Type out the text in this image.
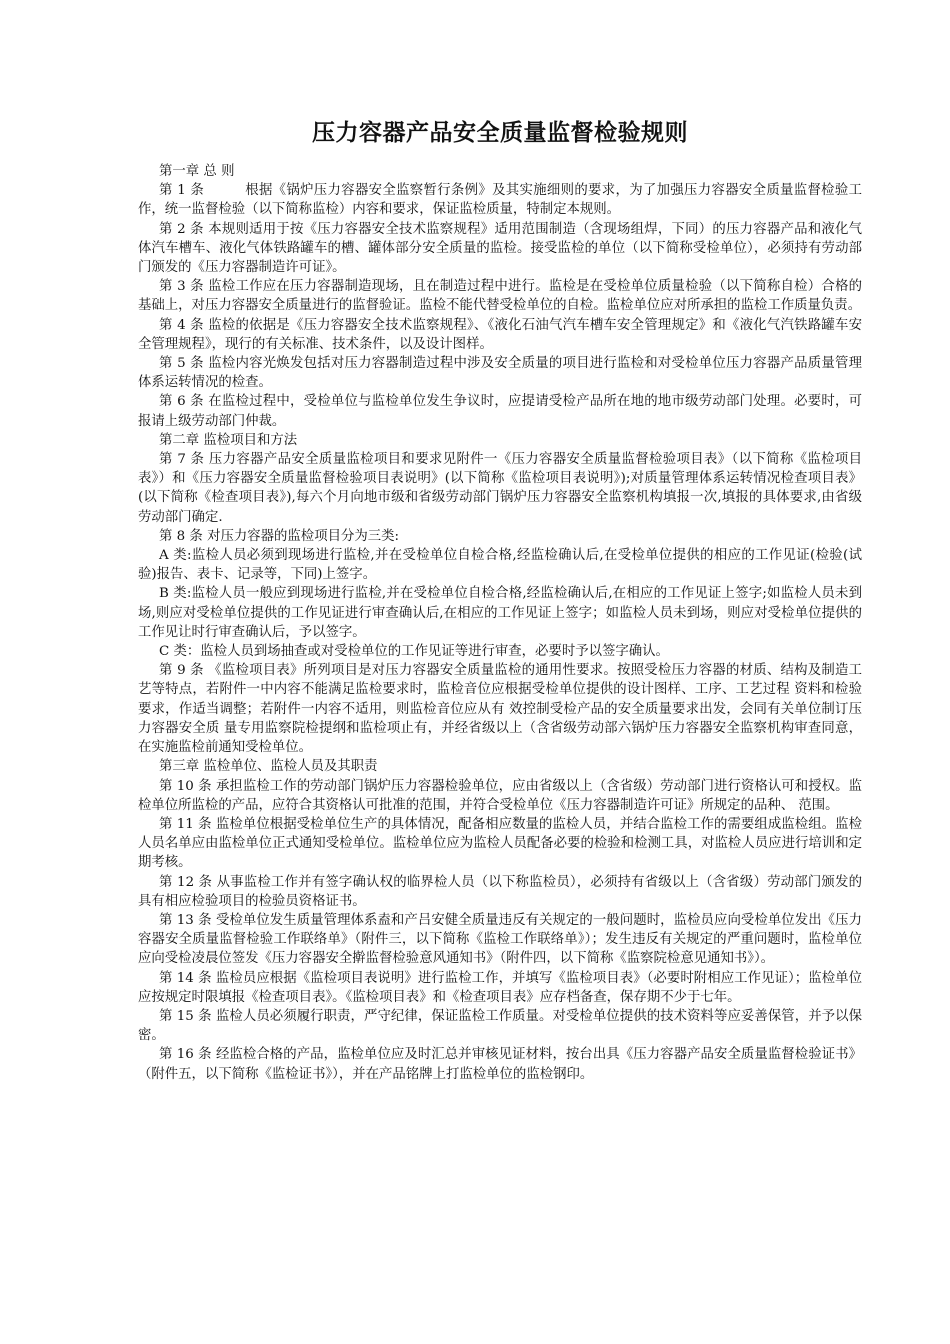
压力容器产品安全质量监督检验规则

第一章 总 则

第 1 条　　　根据《锅炉压力容器安全监察暂行条例》及其实施细则的要求，为了加强压力容器安全质量监督检验工作，统一监督检验（以下简称监检）内容和要求，保证监检质量，特制定本规则。

第 2 条 本规则适用于按《压力容器安全技术监察规程》适用范围制造（含现场组焊，下同）的压力容器产品和液化气体汽车槽车、液化气体铁路罐车的槽、罐体部分安全质量的监检。接受监检的单位（以下简称受检单位），必须持有劳动部门颁发的《压力容器制造许可证》。

第 3 条 监检工作应在压力容器制造现场，且在制造过程中进行。监检是在受检单位质量检验（以下简称自检）合格的基础上，对压力容器安全质量进行的监督验证。监检不能代替受检单位的自检。监检单位应对所承担的监检工作质量负责。

第 4 条 监检的依据是《压力容器安全技术监察规程》、《液化石油气汽车槽车安全管理规定》和《液化气汽铁路罐车安全管理规程》，现行的有关标准、技术条件，以及设计图样。

第 5 条 监检内容光焕发包括对压力容器制造过程中涉及安全质量的项目进行监检和对受检单位压力容器产品质量管理体系运转情况的检查。

第 6 条 在监检过程中，受检单位与监检单位发生争议时，应提请受检产品所在地的地市级劳动部门处理。必要时，可报请上级劳动部门仲裁。

第二章 监检项目和方法

第 7 条 压力容器产品安全质量监检项目和要求见附件一《压力容器安全质量监督检验项目表》（以下简称《监检项目表》）和《压力容器安全质量监督检验项目表说明》(以下简称《监检项目表说明》);对质量管理体系运转情况检查项目表》(以下简称《检查项目表》),每六个月向地市级和省级劳动部门锅炉压力容器安全监察机构填报一次,填报的具体要求,由省级劳动部门确定.

第 8 条 对压力容器的监检项目分为三类:

A 类:监检人员必须到现场进行监检,并在受检单位自检合格,经监检确认后,在受检单位提供的相应的工作见证(检验(试验)报告、表卡、记录等，下同)上签字。

B 类:监检人员一般应到现场进行监检,并在受检单位自检合格,经监检确认后,在相应的工作见证上签字;如监检人员未到场,则应对受检单位提供的工作见证进行审查确认后,在相应的工作见证上签字；如监检人员未到场，则应对受检单位提供的工作见让时行审查确认后，予以签字。

C 类：监检人员到场抽查或对受检单位的工作见证等进行审查，必要时予以签字确认。

第 9 条 《监检项目表》所列项目是对压力容器安全质量监检的通用性要求。按照受检压力容器的材质、结构及制造工艺等特点，若附件一中内容不能满足监检要求时，监检音位应根据受检单位提供的设计图样、工序、工艺过程 资料和检验要求，作适当调整；若附件一内容不适用，则监检音位应从有 效控制受检产品的安全质量要求出发，会同有关单位制订压力容器安全质 量专用监察院检提纲和监检项止有，并经省级以上（含省级劳动部六锅炉压力容器安全监察机构审查同意，在实施监检前通知受检单位。

第三章 监检单位、监检人员及其职责

第 10 条 承担监检工作的劳动部门锅炉压力容器检验单位，应由省级以上（含省级）劳动部门进行资格认可和授权。监检单位所监检的产品，应符合其资格认可批准的范围，并符合受检单位《压力容器制造许可证》所规定的品种、 范围。

第 11 条 监检单位根据受检单位生产的具体情况，配备相应数量的监检人员，并结合监检工作的需要组成监检组。监检人员名单应由监检单位正式通知受检单位。监检单位应为监检人员配备必要的检验和检测工具，对监检人员应进行培训和定期考核。

第 12 条 从事监检工作并有签字确认权的临界检人员（以下称监检员），必须持有省级以上（含省级）劳动部门颁发的具有相应检验项目的检验员资格证书。

第 13 条 受检单位发生质量管理体系盍和产吕安健全质量违反有关规定的一般问题时，监检员应向受检单位发出《压力容器安全质量监督检验工作联络单》（附件三，以下简称《监检工作联络单》）；发生违反有关规定的严重问题时，监检单位应向受检凌晨位签发《压力容器安全擀监督检验意风通知书》（附件四，以下简称《监察院检意见通知书》）。

第 14 条 监检员应根据《监检项目表说明》进行监检工作，并填写《监检项目表》（必要时附相应工作见证）；监检单位应按规定时限填报《检查项目表》。《监检项目表》和《检查项目表》应存档备查，保存期不少于七年。

第 15 条 监检人员必须履行职责，严守纪律，保证监检工作质量。对受检单位提供的技术资料等应妥善保管，并予以保密。

第 16 条 经监检合格的产品，监检单位应及时汇总并审核见证材料，按台出具《压力容器产品安全质量监督检验证书》（附件五，以下简称《监检证书》），并在产品铭牌上打监检单位的监检钢印。
